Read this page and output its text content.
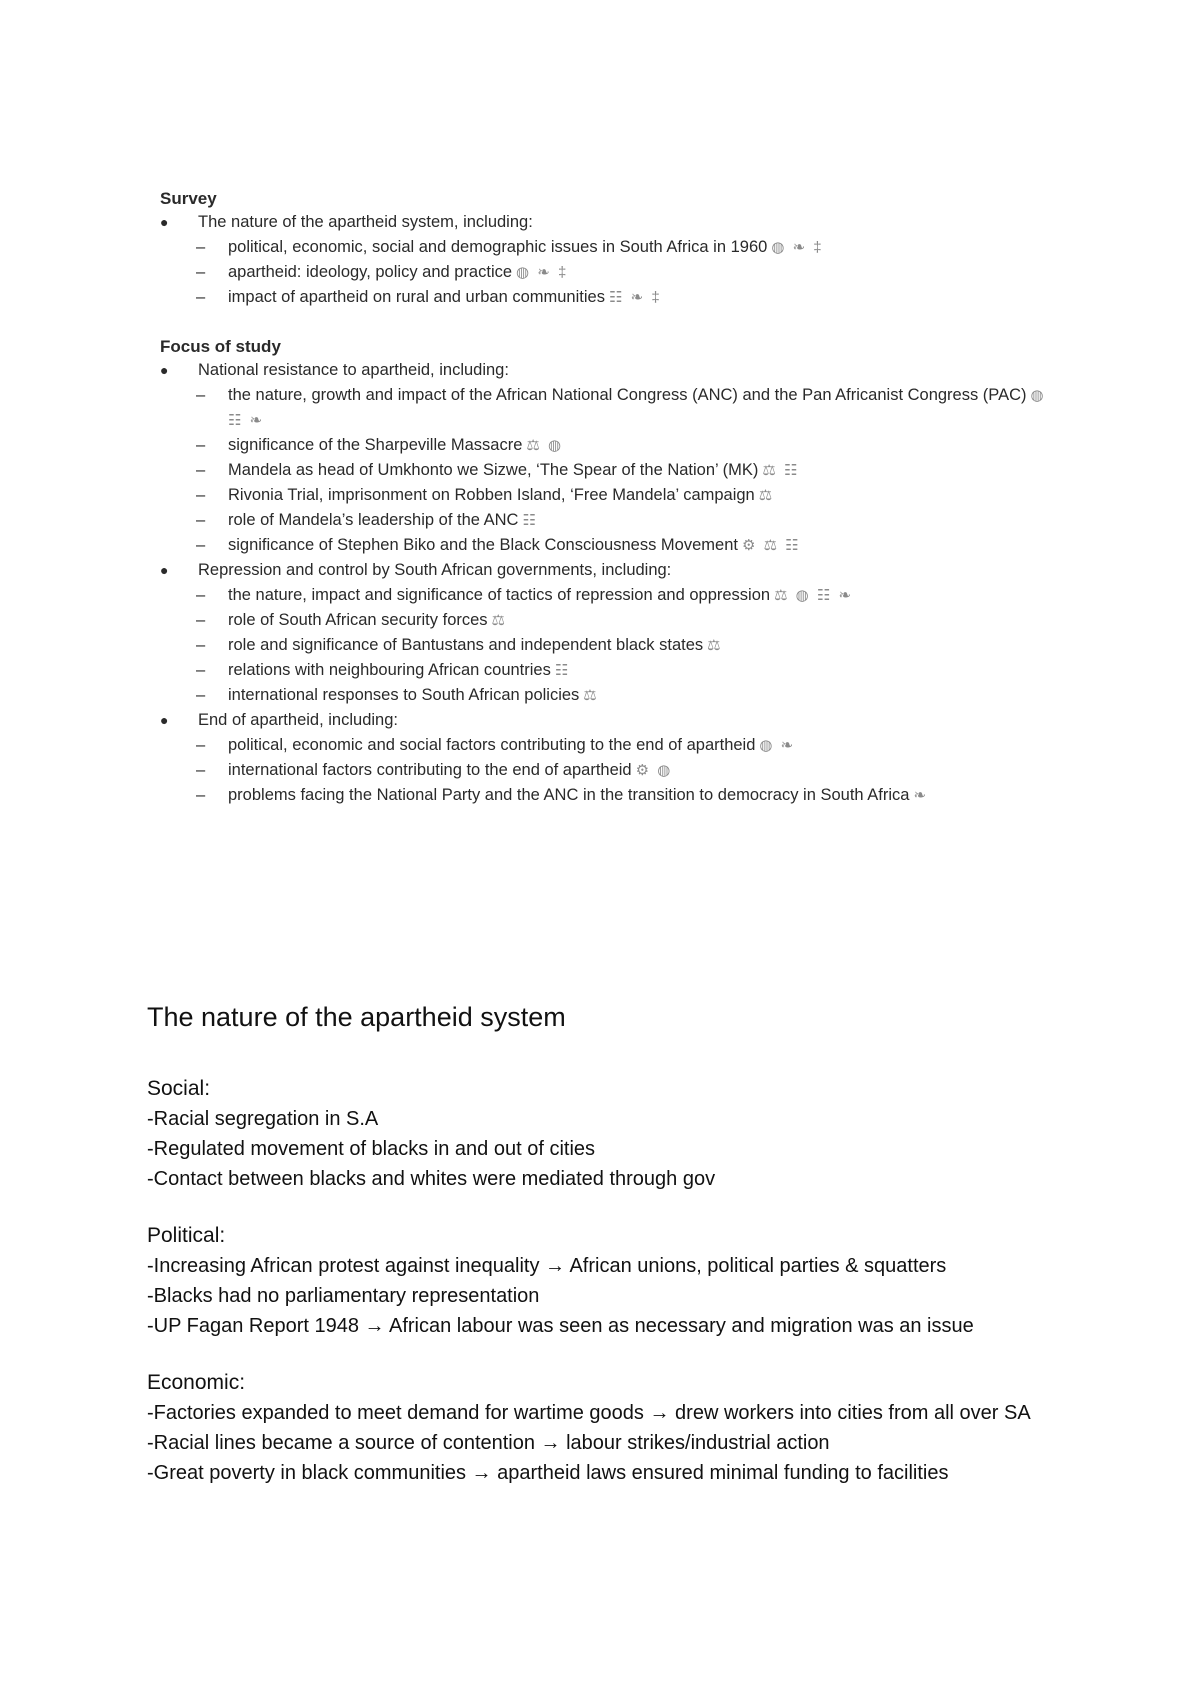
Survey

● The nature of the apartheid system, including:
– political, economic, social and demographic issues in South Africa in 1960 ◍ ❧ ‡
– apartheid: ideology, policy and practice ◍ ❧ ‡
– impact of apartheid on rural and urban communities ☷ ❧ ‡

Focus of study

● National resistance to apartheid, including:
– the nature, growth and impact of the African National Congress (ANC) and the Pan Africanist Congress (PAC) ◍ ☷ ❧
– significance of the Sharpeville Massacre ⚖ ◍
– Mandela as head of Umkhonto we Sizwe, ‘The Spear of the Nation’ (MK) ⚖ ☷
– Rivonia Trial, imprisonment on Robben Island, ‘Free Mandela’ campaign ⚖
– role of Mandela’s leadership of the ANC ☷
– significance of Stephen Biko and the Black Consciousness Movement ⚙ ⚖ ☷
● Repression and control by South African governments, including:
– the nature, impact and significance of tactics of repression and oppression ⚖ ◍ ☷ ❧
– role of South African security forces ⚖
– role and significance of Bantustans and independent black states ⚖
– relations with neighbouring African countries ☷
– international responses to South African policies ⚖
● End of apartheid, including:
– political, economic and social factors contributing to the end of apartheid ◍ ❧
– international factors contributing to the end of apartheid ⚙ ◍
– problems facing the National Party and the ANC in the transition to democracy in South Africa ❧
The nature of the apartheid system
Social:

-Racial segregation in S.A

-Regulated movement of blacks in and out of cities

-Contact between blacks and whites were mediated through gov

Political:

-Increasing African protest against inequality → African unions, political parties & squatters

-Blacks had no parliamentary representation

-UP Fagan Report 1948 → African labour was seen as necessary and migration was an issue

Economic:

-Factories expanded to meet demand for wartime goods → drew workers into cities from all over SA

-Racial lines became a source of contention → labour strikes/industrial action

-Great poverty in black communities → apartheid laws ensured minimal funding to facilities
